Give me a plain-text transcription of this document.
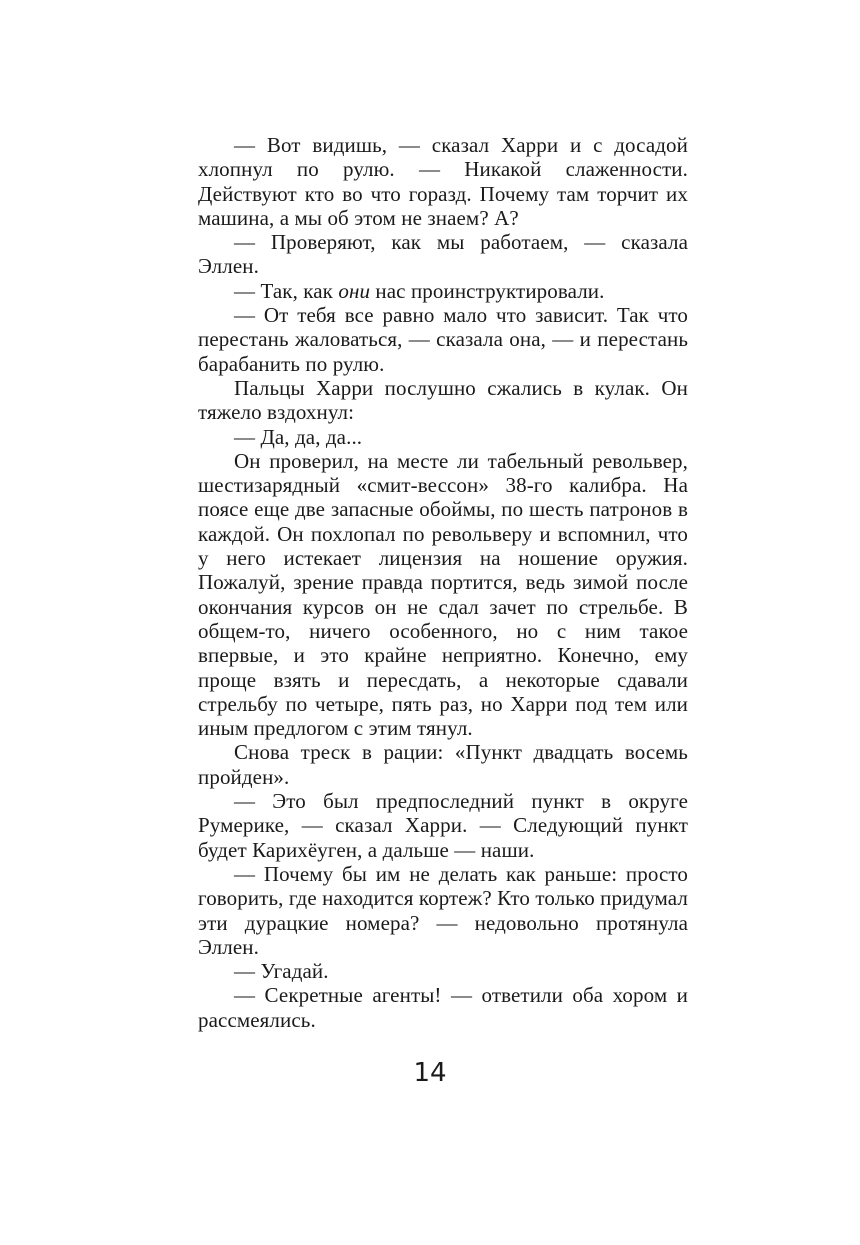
— Вот видишь, — сказал Харри и с досадой хлопнул по рулю. — Никакой слаженности. Действуют кто во что горазд. Почему там торчит их машина, а мы об этом не знаем? А?

— Проверяют, как мы работаем, — сказала Эллен.

— Так, как они нас проинструктировали.

— От тебя все равно мало что зависит. Так что перестань жаловаться, — сказала она, — и перестань барабанить по рулю.

Пальцы Харри послушно сжались в кулак. Он тяжело вздохнул:

— Да, да, да...

Он проверил, на месте ли табельный револьвер, шестизарядный «смит-вессон» 38-го калибра. На поясе еще две запасные обоймы, по шесть патронов в каждой. Он похлопал по револьверу и вспомнил, что у него истекает лицензия на ношение оружия. Пожалуй, зрение правда портится, ведь зимой после окончания курсов он не сдал зачет по стрельбе. В общем-то, ничего особенного, но с ним такое впервые, и это крайне неприятно. Конечно, ему проще взять и пересдать, а некоторые сдавали стрельбу по четыре, пять раз, но Харри под тем или иным предлогом с этим тянул.

Снова треск в рации: «Пункт двадцать восемь пройден».

— Это был предпоследний пункт в округе Румерике, — сказал Харри. — Следующий пункт будет Карихёуген, а дальше — наши.

— Почему бы им не делать как раньше: просто говорить, где находится кортеж? Кто только придумал эти дурацкие номера? — недовольно протянула Эллен.

— Угадай.

— Секретные агенты! — ответили оба хором и рассмеялись.

14
